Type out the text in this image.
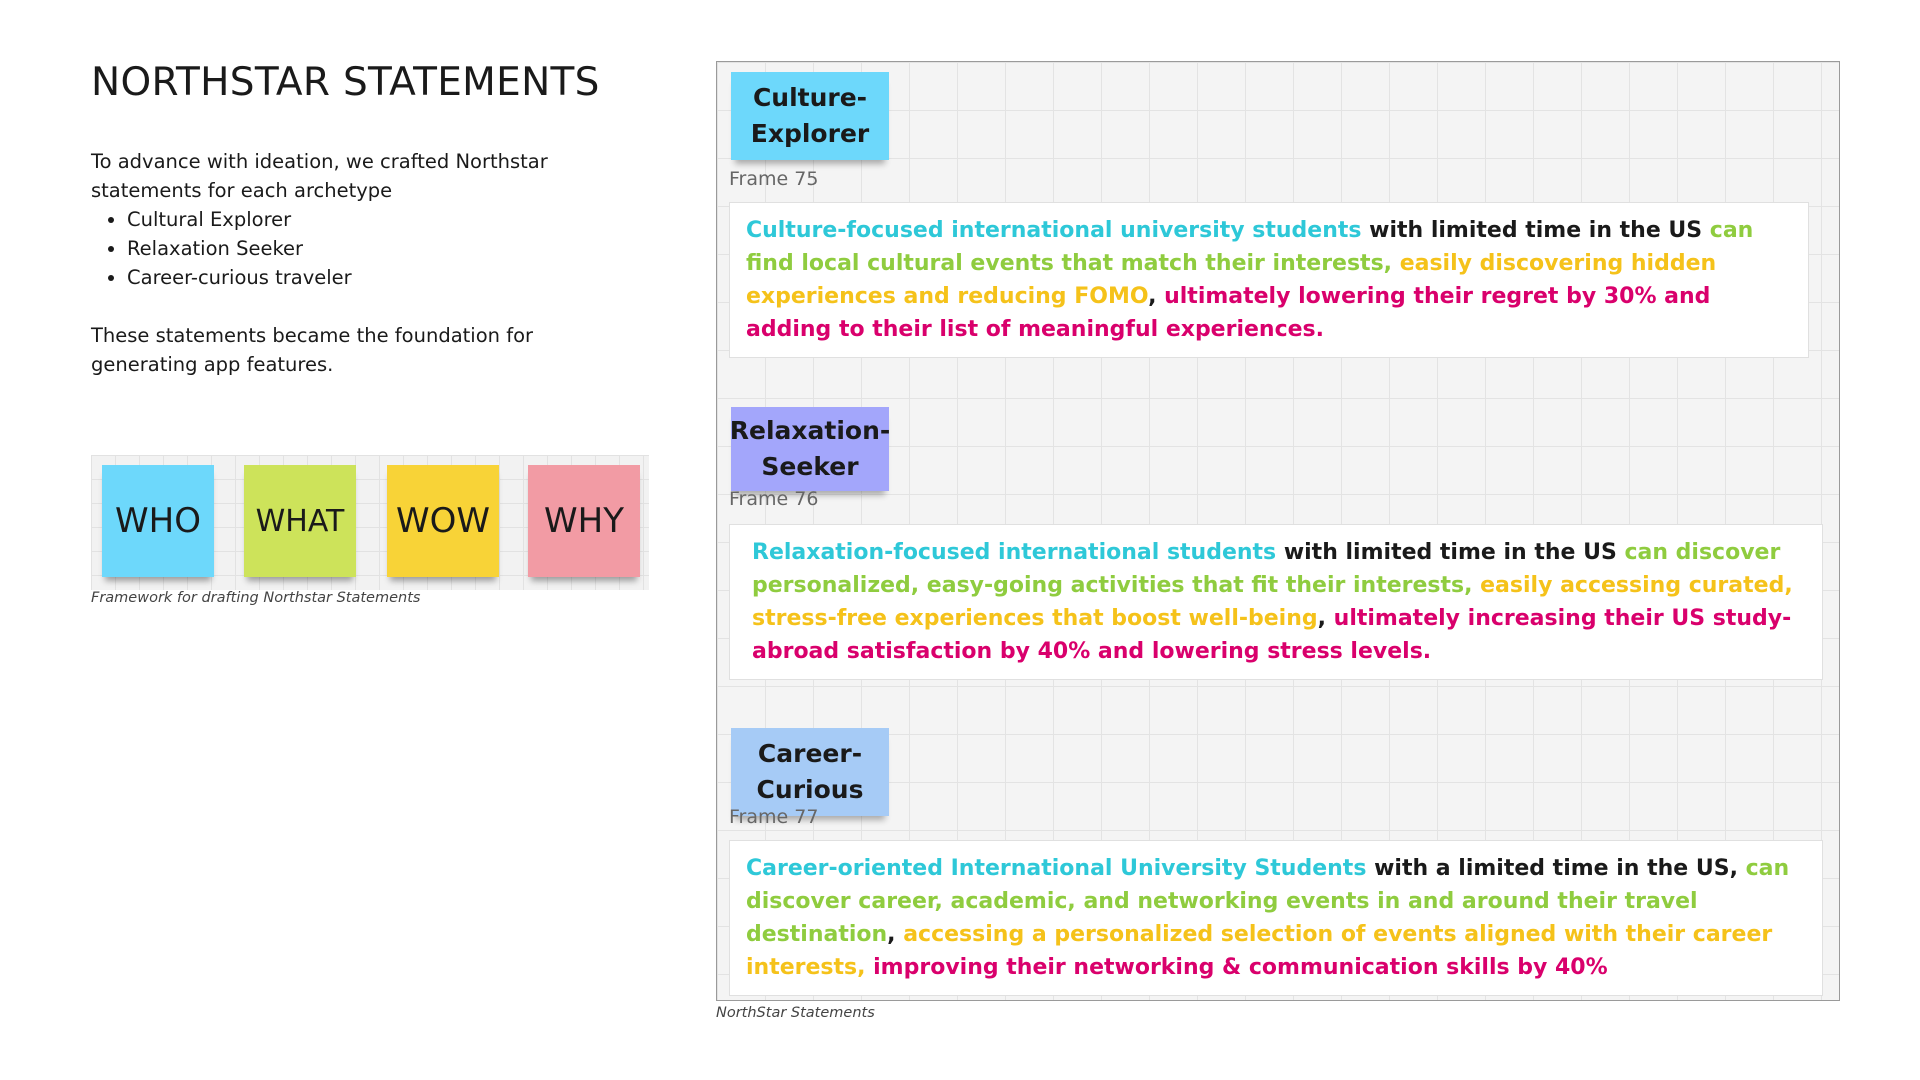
NORTHSTAR STATEMENTS

To advance with ideation, we crafted Northstar statements for each archetype

• Cultural Explorer
• Relaxation Seeker
• Career-curious traveler

These statements became the foundation for generating app features.

WHO WHAT WOW WHY
Framework for drafting Northstar Statements
Culture-Explorer
Frame 75
Culture-focused international university students with limited time in the US can find local cultural events that match their interests, easily discovering hidden experiences and reducing FOMO, ultimately lowering their regret by 30% and adding to their list of meaningful experiences.
Relaxation-Seeker
Frame 76
Relaxation-focused international students with limited time in the US can discover personalized, easy-going activities that fit their interests, easily accessing curated, stress-free experiences that boost well-being, ultimately increasing their US study-abroad satisfaction by 40% and lowering stress levels.
Career-Curious
Frame 77
Career-oriented International University Students with a limited time in the US, can discover career, academic, and networking events in and around their travel destination, accessing a personalized selection of events aligned with their career interests, improving their networking & communication skills by 40%
NorthStar Statements
